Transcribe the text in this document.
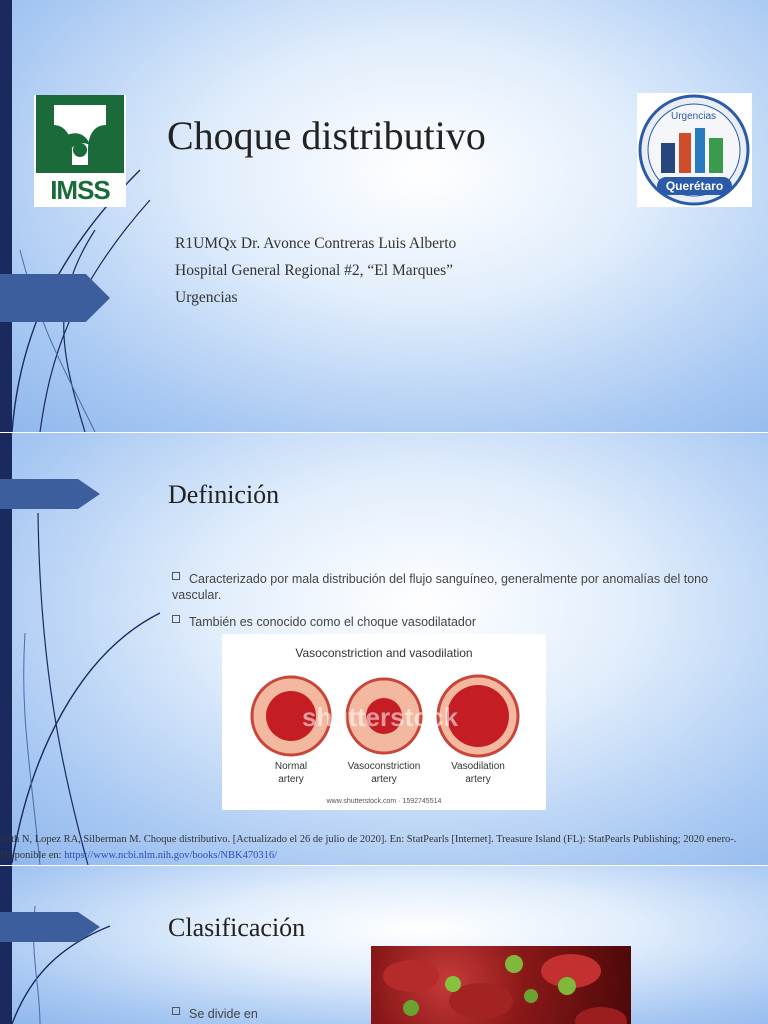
IMSS
Choque distributivo	Urgencias
Querétaro
R1UMQx Dr. Avonce Contreras Luis Alberto
Hospital General Regional #2, “El Marques”
Urgencias
Definición
Caracterizado por mala distribución del flujo sanguíneo, generalmente por anomalías del tono vascular.
También es conocido como el choque vasodilatador
Vasoconstriction and vasodilation
shutterstock
Normal
artery
Vasoconstriction
artery
Vasodilation
artery
www.shutterstock.com · 1592745514
mith N, Lopez RA, Silberman M. Choque distributivo. [Actualizado el 26 de julio de 2020]. En: StatPearls [Internet]. Treasure Island (FL): StatPearls Publishing; 2020 enero-. Disponible en: https://www.ncbi.nlm.nih.gov/books/NBK470316/
Clasificación
Se divide en
